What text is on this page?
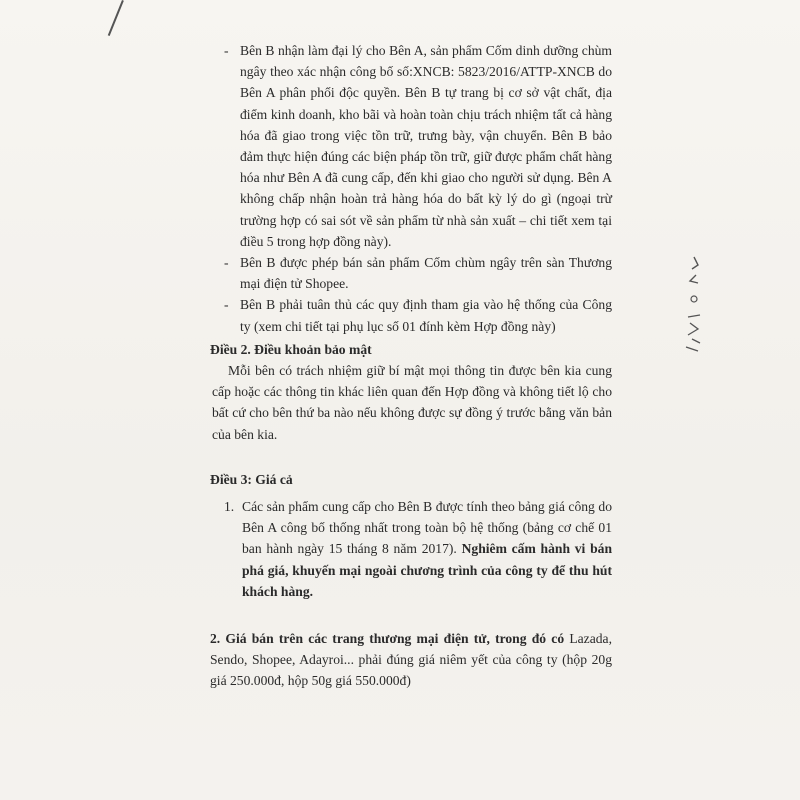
- Bên B nhận làm đại lý cho Bên A, sản phẩm Cốm dinh dưỡng chùm ngây theo xác nhận công bố số:XNCB: 5823/2016/ATTP-XNCB do Bên A phân phối độc quyền. Bên B tự trang bị cơ sở vật chất, địa điểm kinh doanh, kho bãi và hoàn toàn chịu trách nhiệm tất cả hàng hóa đã giao trong việc tồn trữ, trưng bày, vận chuyển. Bên B bảo đảm thực hiện đúng các biện pháp tồn trữ, giữ được phẩm chất hàng hóa như Bên A đã cung cấp, đến khi giao cho người sử dụng. Bên A không chấp nhận hoàn trả hàng hóa do bất kỳ lý do gì (ngoại trừ trường hợp có sai sót về sản phẩm từ nhà sản xuất – chi tiết xem tại điều 5 trong hợp đồng này).
- Bên B được phép bán sản phẩm Cốm chùm ngây trên sàn Thương mại điện tử Shopee.
- Bên B phải tuân thủ các quy định tham gia vào hệ thống của Công ty (xem chi tiết tại phụ lục số 01 đính kèm Hợp đồng này)
Điều 2. Điều khoản bảo mật
Mỗi bên có trách nhiệm giữ bí mật mọi thông tin được bên kia cung cấp hoặc các thông tin khác liên quan đến Hợp đồng và không tiết lộ cho bất cứ cho bên thứ ba nào nếu không được sự đồng ý trước bằng văn bản của bên kia.
Điều 3: Giá cả
1. Các sản phẩm cung cấp cho Bên B được tính theo bảng giá công do Bên A công bố thống nhất trong toàn bộ hệ thống (bảng cơ chế 01 ban hành ngày 15 tháng 8 năm 2017). Nghiêm cấm hành vi bán phá giá, khuyến mại ngoài chương trình của công ty để thu hút khách hàng.
2. Giá bán trên các trang thương mại điện tử, trong đó có Lazada, Sendo, Shopee, Adayroi... phải đúng giá niêm yết của công ty (hộp 20g giá 250.000đ, hộp 50g giá 550.000đ)
